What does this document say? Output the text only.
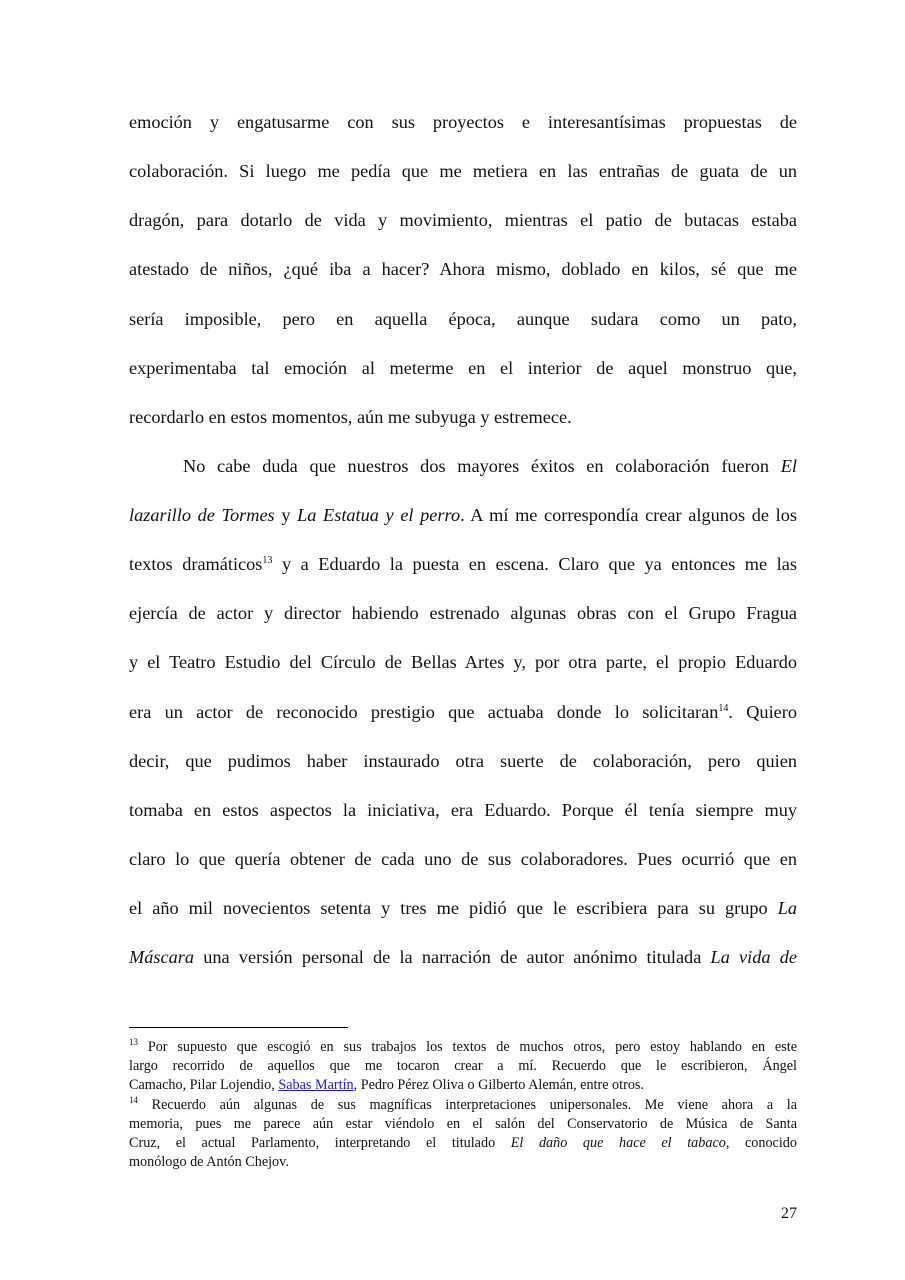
emoción y engatusarme con sus proyectos e interesantísimas propuestas de
colaboración. Si luego me pedía que me metiera en las entrañas de guata de un
dragón, para dotarlo de vida y movimiento, mientras el patio de butacas estaba
atestado de niños, ¿qué iba a hacer? Ahora mismo, doblado en kilos, sé que me
sería imposible, pero en aquella época, aunque sudara como un pato,
experimentaba tal emoción al meterme en el interior de aquel monstruo que,
recordarlo en estos momentos, aún me subyuga y estremece.
No cabe duda que nuestros dos mayores éxitos en colaboración fueron El
lazarillo de Tormes y La Estatua y el perro. A mí me correspondía crear algunos de los
textos dramáticos$^{13}$ y a Eduardo la puesta en escena. Claro que ya entonces me las
ejercía de actor y director habiendo estrenado algunas obras con el Grupo Fragua
y el Teatro Estudio del Círculo de Bellas Artes y, por otra parte, el propio Eduardo
era un actor de reconocido prestigio que actuaba donde lo solicitaran$^{14}$. Quiero
decir, que pudimos haber instaurado otra suerte de colaboración, pero quien
tomaba en estos aspectos la iniciativa, era Eduardo. Porque él tenía siempre muy
claro lo que quería obtener de cada uno de sus colaboradores. Pues ocurrió que en
el año mil novecientos setenta y tres me pidió que le escribiera para su grupo La
Máscara una versión personal de la narración de autor anónimo titulada La vida de
$^{13}$ Por supuesto que escogió en sus trabajos los textos de muchos otros, pero estoy hablando en este
largo recorrido de aquellos que me tocaron crear a mí. Recuerdo que le escribieron, Ángel
Camacho, Pilar Lojendio, Sabas Martín, Pedro Pérez Oliva o Gilberto Alemán, entre otros.
$^{14}$ Recuerdo aún algunas de sus magníficas interpretaciones unipersonales. Me viene ahora a la
memoria, pues me parece aún estar viéndolo en el salón del Conservatorio de Música de Santa
Cruz, el actual Parlamento, interpretando el titulado El daño que hace el tabaco, conocido
monólogo de Antón Chejov.
27
